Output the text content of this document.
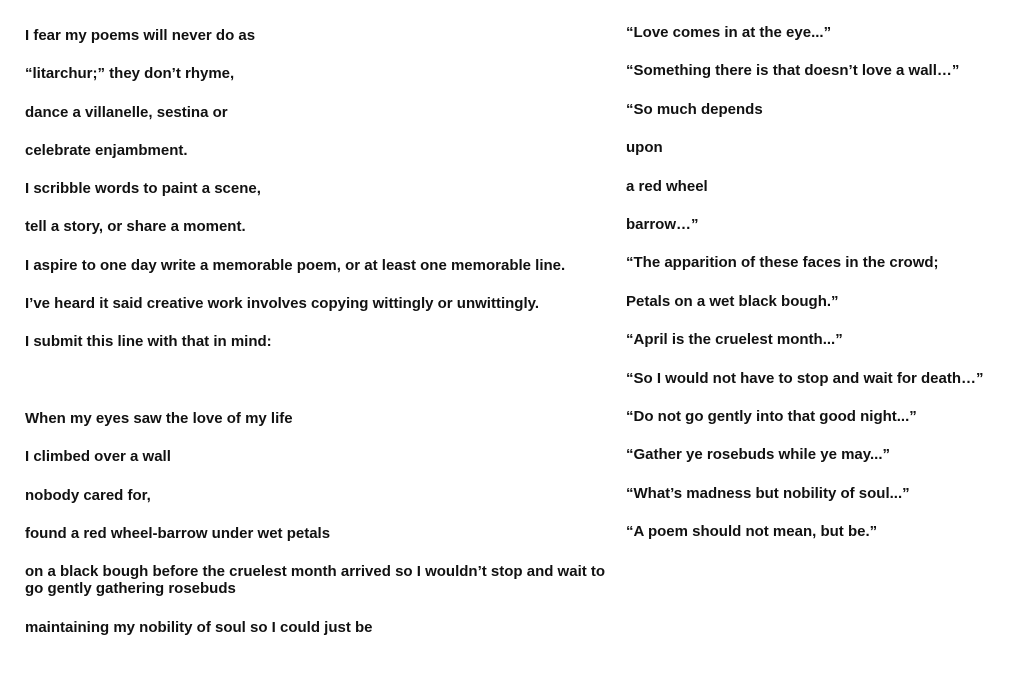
I fear my poems will never do as
“litarchur;” they don’t rhyme,
dance a villanelle, sestina or
celebrate enjambment.
I scribble words to paint a scene,
tell a story, or share a moment.
I aspire to one day write a memorable poem, or at least one memorable line.
I’ve heard it said creative work involves copying wittingly or unwittingly.
I submit this line with that in mind:
When my eyes saw the love of my life
I climbed over a wall
nobody cared for,
found a red wheel-barrow under wet petals
on a black bough before the cruelest month arrived so I wouldn’t stop and wait to go gently gathering rosebuds
maintaining my nobility of soul so I could just be
“Love comes in at the eye...”
“Something there is that doesn’t love a wall…”
“So much depends
upon
a red wheel
barrow…”
“The apparition of these faces in the crowd;
Petals on a wet black bough.”
“April is the cruelest month...”
“So I would not have to stop and wait for death…”
“Do not go gently into that good night...”
“Gather ye rosebuds while ye may...”
“What’s madness but nobility of soul...”
“A poem should not mean, but be.”
